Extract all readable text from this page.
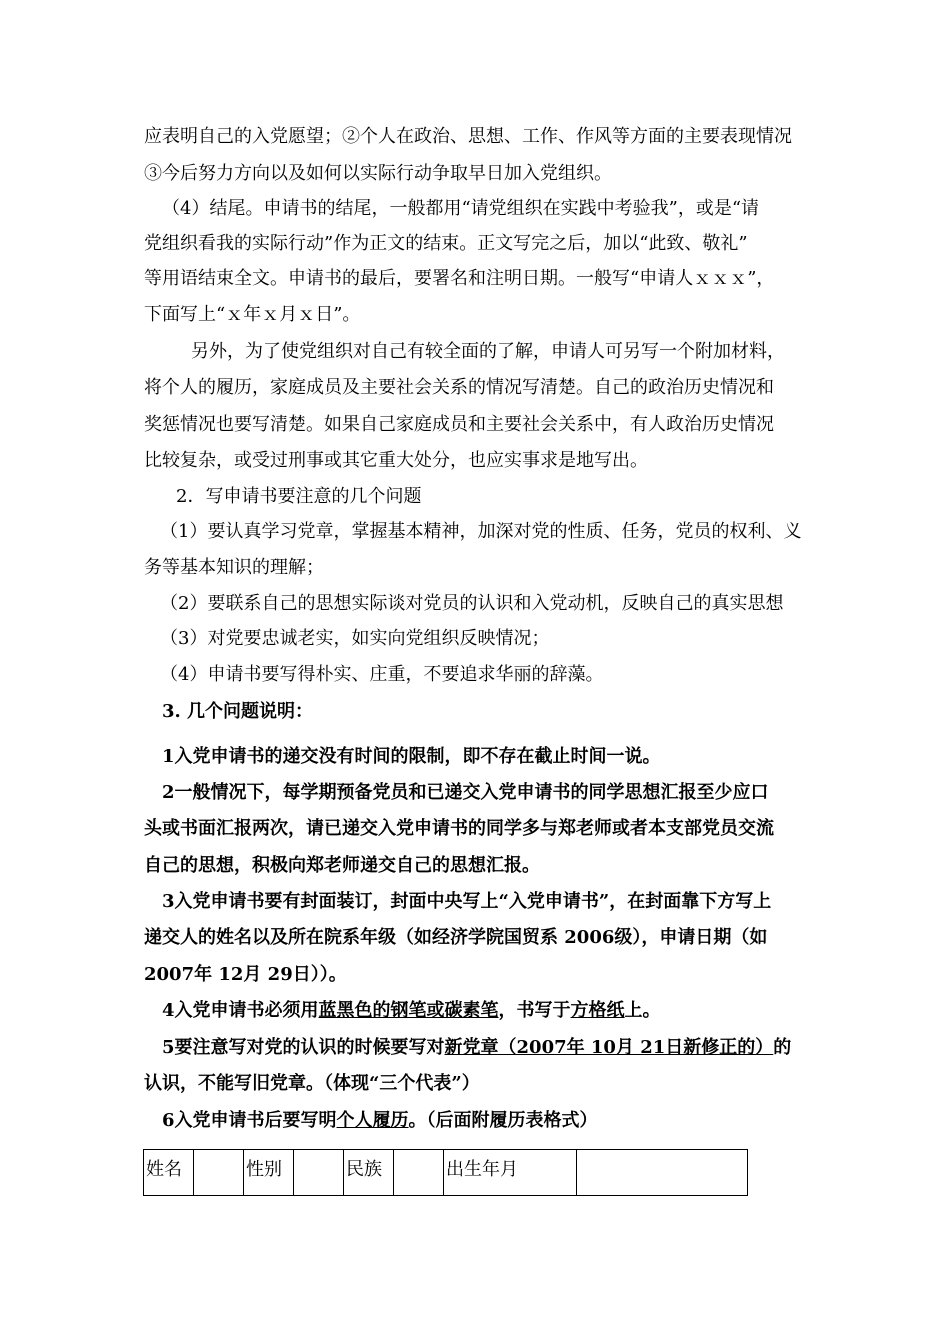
应表明自己的入党愿望；②个人在政治、思想、工作、作风等方面的主要表现情况
③今后努力方向以及如何以实际行动争取早日加入党组织。
（4）结尾。申请书的结尾，一般都用“请党组织在实践中考验我”，或是“请
党组织看我的实际行动”作为正文的结束。正文写完之后，加以“此致、敬礼”
等用语结束全文。申请书的最后，要署名和注明日期。一般写“申请人ｘｘｘ”，
下面写上“ｘ年ｘ月ｘ日”。
另外，为了使党组织对自己有较全面的了解，申请人可另写一个附加材料，
将个人的履历，家庭成员及主要社会关系的情况写清楚。自己的政治历史情况和
奖惩情况也要写清楚。如果自己家庭成员和主要社会关系中，有人政治历史情况
比较复杂，或受过刑事或其它重大处分，也应实事求是地写出。
2．写申请书要注意的几个问题
（1）要认真学习党章，掌握基本精神，加深对党的性质、任务，党员的权利、义
务等基本知识的理解；
（2）要联系自己的思想实际谈对党员的认识和入党动机，反映自己的真实思想
（3）对党要忠诚老实，如实向党组织反映情况；
（4）申请书要写得朴实、庄重，不要追求华丽的辞藻。
3. 几个问题说明：
1入党申请书的递交没有时间的限制，即不存在截止时间一说。
2一般情况下，每学期预备党员和已递交入党申请书的同学思想汇报至少应口
头或书面汇报两次，请已递交入党申请书的同学多与郑老师或者本支部党员交流
自己的思想，积极向郑老师递交自己的思想汇报。
3入党申请书要有封面装订，封面中央写上“入党申请书”，在封面靠下方写上
递交人的姓名以及所在院系年级（如经济学院国贸系 2006级），申请日期（如
2007年 12月 29日））。
4入党申请书必须用蓝黑色的钢笔或碳素笔，书写于方格纸上。
5要注意写对党的认识的时候要写对新党章（2007年 10月 21日新修正的）的
认识，不能写旧党章。（体现“三个代表”）
6入党申请书后要写明个人履历。（后面附履历表格式）
姓名		性别		民族		出生年月	
